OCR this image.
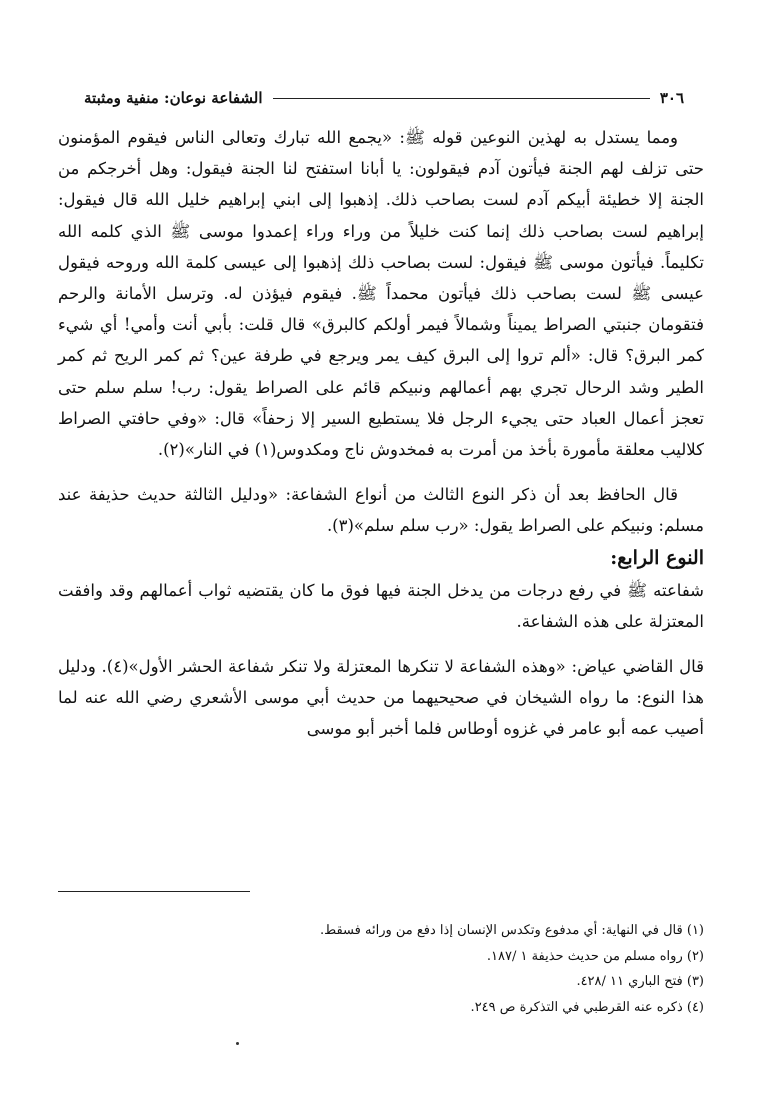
٣٠٦
الشفاعة نوعان: منفية ومثبتة

ومما يستدل به لهذين النوعين قوله ﷺ: «يجمع الله تبارك وتعالى الناس فيقوم المؤمنون حتى تزلف لهم الجنة فيأتون آدم فيقولون: يا أبانا استفتح لنا الجنة فيقول: وهل أخرجكم من الجنة إلا خطيئة أبيكم آدم لست بصاحب ذلك. إذهبوا إلى ابني إبراهيم خليل الله قال فيقول: إبراهيم لست بصاحب ذلك إنما كنت خليلاً من وراء وراء إعمدوا موسى ﷺ الذي كلمه الله تكليماً. فيأتون موسى ﷺ فيقول: لست بصاحب ذلك إذهبوا إلى عيسى كلمة الله وروحه فيقول عيسى ﷺ لست بصاحب ذلك فيأتون محمداً ﷺ. فيقوم فيؤذن له. وترسل الأمانة والرحم فتقومان جنبتي الصراط يميناً وشمالاً فيمر أولكم كالبرق» قال قلت: بأبي أنت وأمي! أي شيء كمر البرق؟ قال: «ألم تروا إلى البرق كيف يمر ويرجع في طرفة عين؟ ثم كمر الريح ثم كمر الطير وشد الرحال تجري بهم أعمالهم ونبيكم قائم على الصراط يقول: رب! سلم سلم حتى تعجز أعمال العباد حتى يجيء الرجل فلا يستطيع السير إلا زحفاً» قال: «وفي حافتي الصراط كلاليب معلقة مأمورة بأخذ من أمرت به فمخدوش ناج ومكدوس(١) في النار»(٢).

قال الحافظ بعد أن ذكر النوع الثالث من أنواع الشفاعة: «ودليل الثالثة حديث حذيفة عند مسلم: ونبيكم على الصراط يقول: «رب سلم سلم»(٣).

النوع الرابع:

شفاعته ﷺ في رفع درجات من يدخل الجنة فيها فوق ما كان يقتضيه ثواب أعمالهم وقد وافقت المعتزلة على هذه الشفاعة.

قال القاضي عياض: «وهذه الشفاعة لا تنكرها المعتزلة ولا تنكر شفاعة الحشر الأول»(٤). ودليل هذا النوع: ما رواه الشيخان في صحيحيهما من حديث أبي موسى الأشعري رضي الله عنه لما أصيب عمه أبو عامر في غزوه أوطاس فلما أخبر أبو موسى

(١) قال في النهاية: أي مدفوع وتكدس الإنسان إذا دفع من ورائه فسقط.
(٢) رواه مسلم من حديث حذيفة ١ /١٨٧.
(٣) فتح الباري ١١ /٤٢٨.
(٤) ذكره عنه القرطبي في التذكرة ص ٢٤٩.
